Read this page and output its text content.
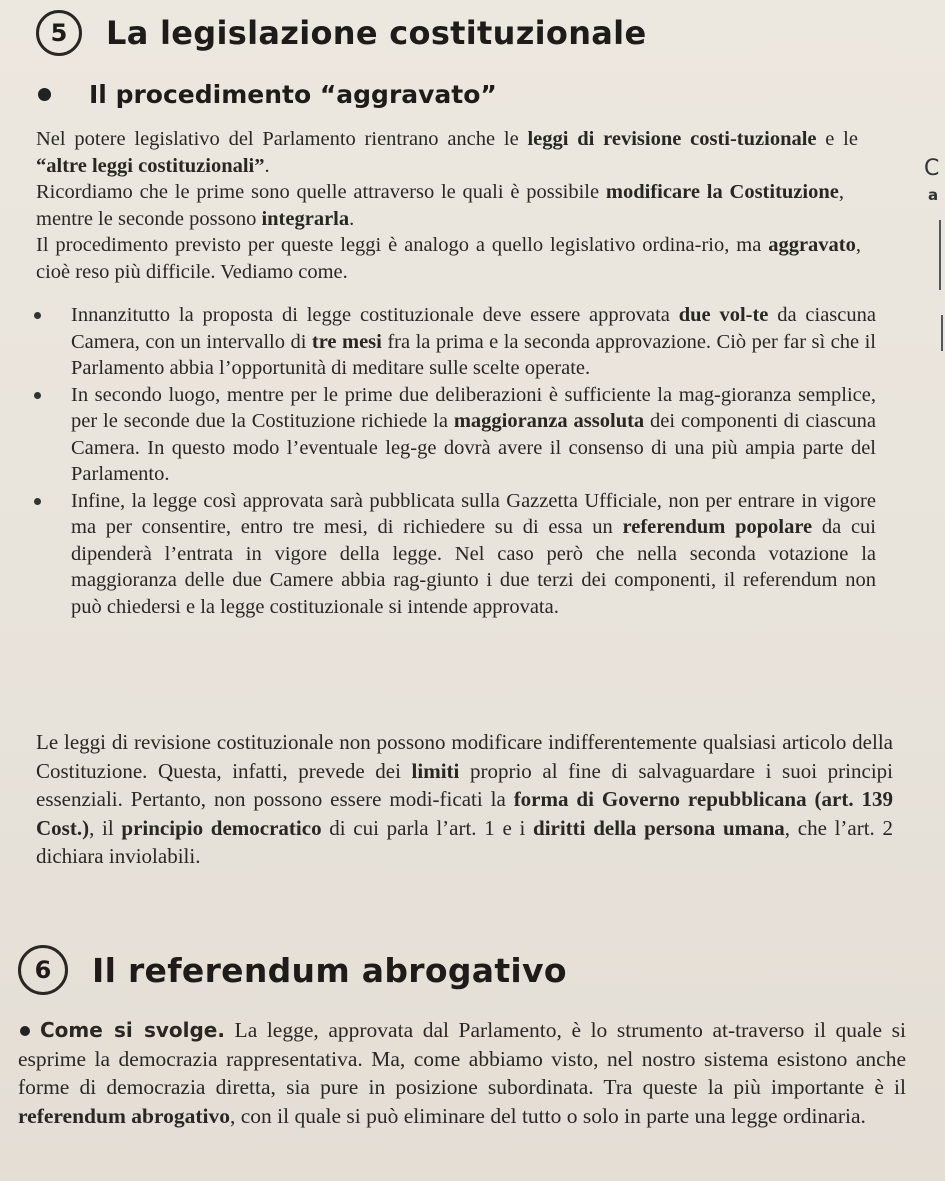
5	La legislazione costituzionale
Il procedimento “aggravato”

Nel potere legislativo del Parlamento rientrano anche le leggi di revisione costi-tuzionale e le “altre leggi costituzionali”.

Ricordiamo che le prime sono quelle attraverso le quali è possibile modificare la Costituzione, mentre le seconde possono integrarla.

Il procedimento previsto per queste leggi è analogo a quello legislativo ordina-rio, ma aggravato, cioè reso più difficile. Vediamo come.

Innanzitutto la proposta di legge costituzionale deve essere approvata due vol-te da ciascuna Camera, con un intervallo di tre mesi fra la prima e la seconda approvazione. Ciò per far sì che il Parlamento abbia l’opportunità di meditare sulle scelte operate.
In secondo luogo, mentre per le prime due deliberazioni è sufficiente la mag-gioranza semplice, per le seconde due la Costituzione richiede la maggioranza assoluta dei componenti di ciascuna Camera. In questo modo l’eventuale leg-ge dovrà avere il consenso di una più ampia parte del Parlamento.
Infine, la legge così approvata sarà pubblicata sulla Gazzetta Ufficiale, non per entrare in vigore ma per consentire, entro tre mesi, di richiedere su di essa un referendum popolare da cui dipenderà l’entrata in vigore della legge. Nel caso però che nella seconda votazione la maggioranza delle due Camere abbia rag-giunto i due terzi dei componenti, il referendum non può chiedersi e la legge costituzionale si intende approvata.

Le leggi di revisione costituzionale non possono modificare indifferentemente qualsiasi articolo della Costituzione. Questa, infatti, prevede dei limiti proprio al fine di salvaguardare i suoi principi essenziali. Pertanto, non possono essere modi-ficati la forma di Governo repubblicana (art. 139 Cost.), il principio democratico di cui parla l’art. 1 e i diritti della persona umana, che l’art. 2 dichiara inviolabili.

6	Il referendum abrogativo

Come si svolge. La legge, approvata dal Parlamento, è lo strumento at-traverso il quale si esprime la democrazia rappresentativa. Ma, come abbiamo visto, nel nostro sistema esistono anche forme di democrazia diretta, sia pure in posizione subordinata. Tra queste la più importante è il referendum abrogativo, con il quale si può eliminare del tutto o solo in parte una legge ordinaria.

C
a
